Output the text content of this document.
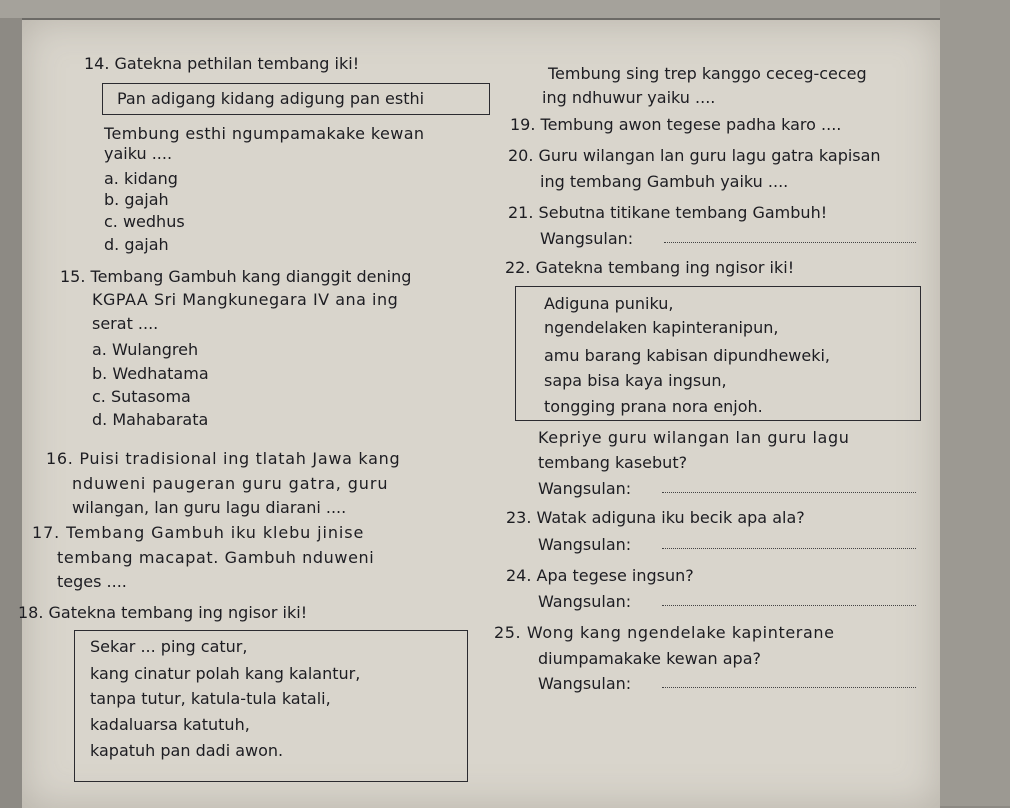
14. Gatekna pethilan tembang iki!
Pan adigang kidang adigung pan esthi
Tembung esthi ngumpamakake kewan
yaiku ....
a. kidang
b. gajah
c. wedhus
d. gajah
15. Tembang Gambuh kang dianggit dening
KGPAA Sri Mangkunegara IV ana ing
serat ....
a. Wulangreh
b. Wedhatama
c. Sutasoma
d. Mahabarata
16. Puisi tradisional ing tlatah Jawa kang
nduweni paugeran guru gatra, guru
wilangan, lan guru lagu diarani ....
17. Tembang Gambuh iku klebu jinise
tembang macapat. Gambuh nduweni
teges ....
18. Gatekna tembang ing ngisor iki!
Sekar ... ping catur,
kang cinatur polah kang kalantur,
tanpa tutur, katula-tula katali,
kadaluarsa katutuh,
kapatuh pan dadi awon.
Tembung sing trep kanggo ceceg-ceceg
ing ndhuwur yaiku ....
19. Tembung awon tegese padha karo ....
20. Guru wilangan lan guru lagu gatra kapisan
ing tembang Gambuh yaiku ....
21. Sebutna titikane tembang Gambuh!
Wangsulan:
22. Gatekna tembang ing ngisor iki!
Adiguna puniku,
ngendelaken kapinteranipun,
amu barang kabisan dipundheweki,
sapa bisa kaya ingsun,
tongging prana nora enjoh.
Kepriye guru wilangan lan guru lagu
tembang kasebut?
Wangsulan:
23. Watak adiguna iku becik apa ala?
Wangsulan:
24. Apa tegese ingsun?
Wangsulan:
25. Wong kang ngendelake kapinterane
diumpamakake kewan apa?
Wangsulan:
